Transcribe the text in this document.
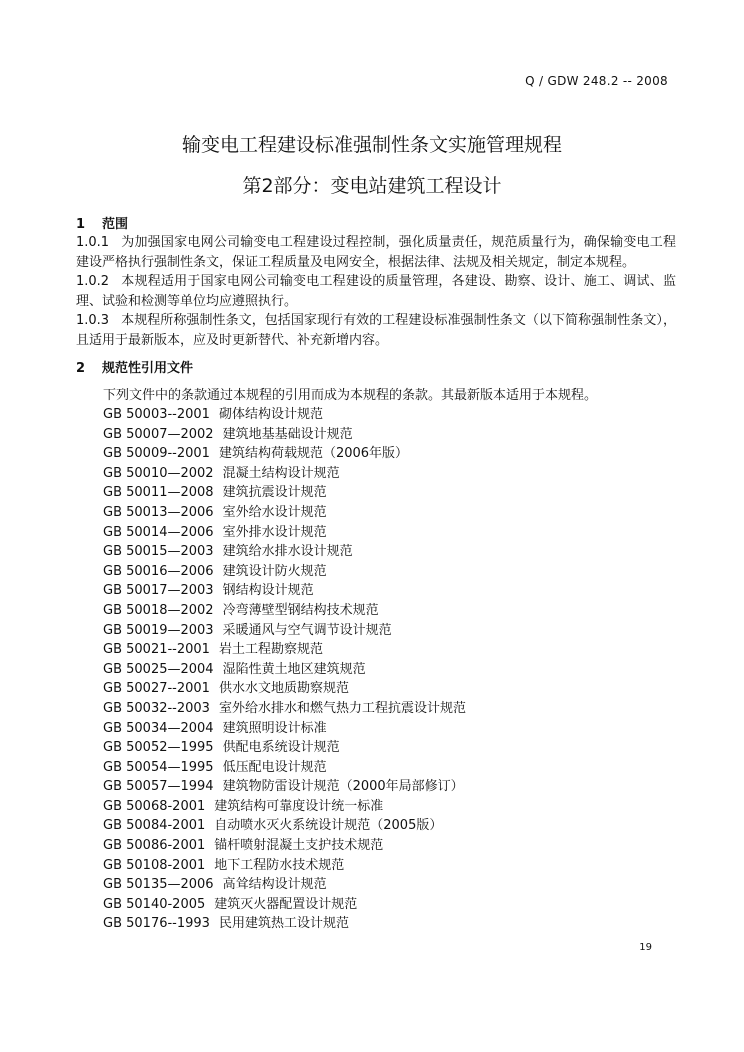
Q / GDW 248.2 -- 2008
输变电工程建设标准强制性条文实施管理规程
第2部分：变电站建筑工程设计
1 范围

1.0.1 为加强国家电网公司输变电工程建设过程控制，强化质量责任，规范质量行为，确保输变电工程建设严格执行强制性条文，保证工程质量及电网安全，根据法律、法规及相关规定，制定本规程。

1.0.2 本规程适用于国家电网公司输变电工程建设的质量管理，各建设、勘察、设计、施工、调试、监理、试验和检测等单位均应遵照执行。

1.0.3 本规程所称强制性条文，包括国家现行有效的工程建设标准强制性条文（以下简称强制性条文），且适用于最新版本，应及时更新替代、补充新增内容。

2 规范性引用文件
下列文件中的条款通过本规程的引用而成为本规程的条款。其最新版本适用于本规程。
GB 50003--2001 砌体结构设计规范
GB 50007—2002 建筑地基基础设计规范
GB 50009--2001 建筑结构荷载规范（2006年版）
GB 50010—2002 混凝土结构设计规范
GB 50011—2008 建筑抗震设计规范
GB 50013—2006 室外给水设计规范
GB 50014—2006 室外排水设计规范
GB 50015—2003 建筑给水排水设计规范
GB 50016—2006 建筑设计防火规范
GB 50017—2003 钢结构设计规范
GB 50018—2002 冷弯薄壁型钢结构技术规范
GB 50019—2003 采暖通风与空气调节设计规范
GB 50021--2001 岩土工程勘察规范
GB 50025—2004 湿陷性黄土地区建筑规范
GB 50027--2001 供水水文地质勘察规范
GB 50032--2003 室外给水排水和燃气热力工程抗震设计规范
GB 50034—2004 建筑照明设计标准
GB 50052—1995 供配电系统设计规范
GB 50054—1995 低压配电设计规范
GB 50057—1994 建筑物防雷设计规范（2000年局部修订）
GB 50068-2001 建筑结构可靠度设计统一标准
GB 50084-2001 自动喷水灭火系统设计规范（2005版）
GB 50086-2001 锚杆喷射混凝土支护技术规范
GB 50108-2001 地下工程防水技术规范
GB 50135—2006 高耸结构设计规范
GB 50140-2005 建筑灭火器配置设计规范
GB 50176--1993 民用建筑热工设计规范
19
